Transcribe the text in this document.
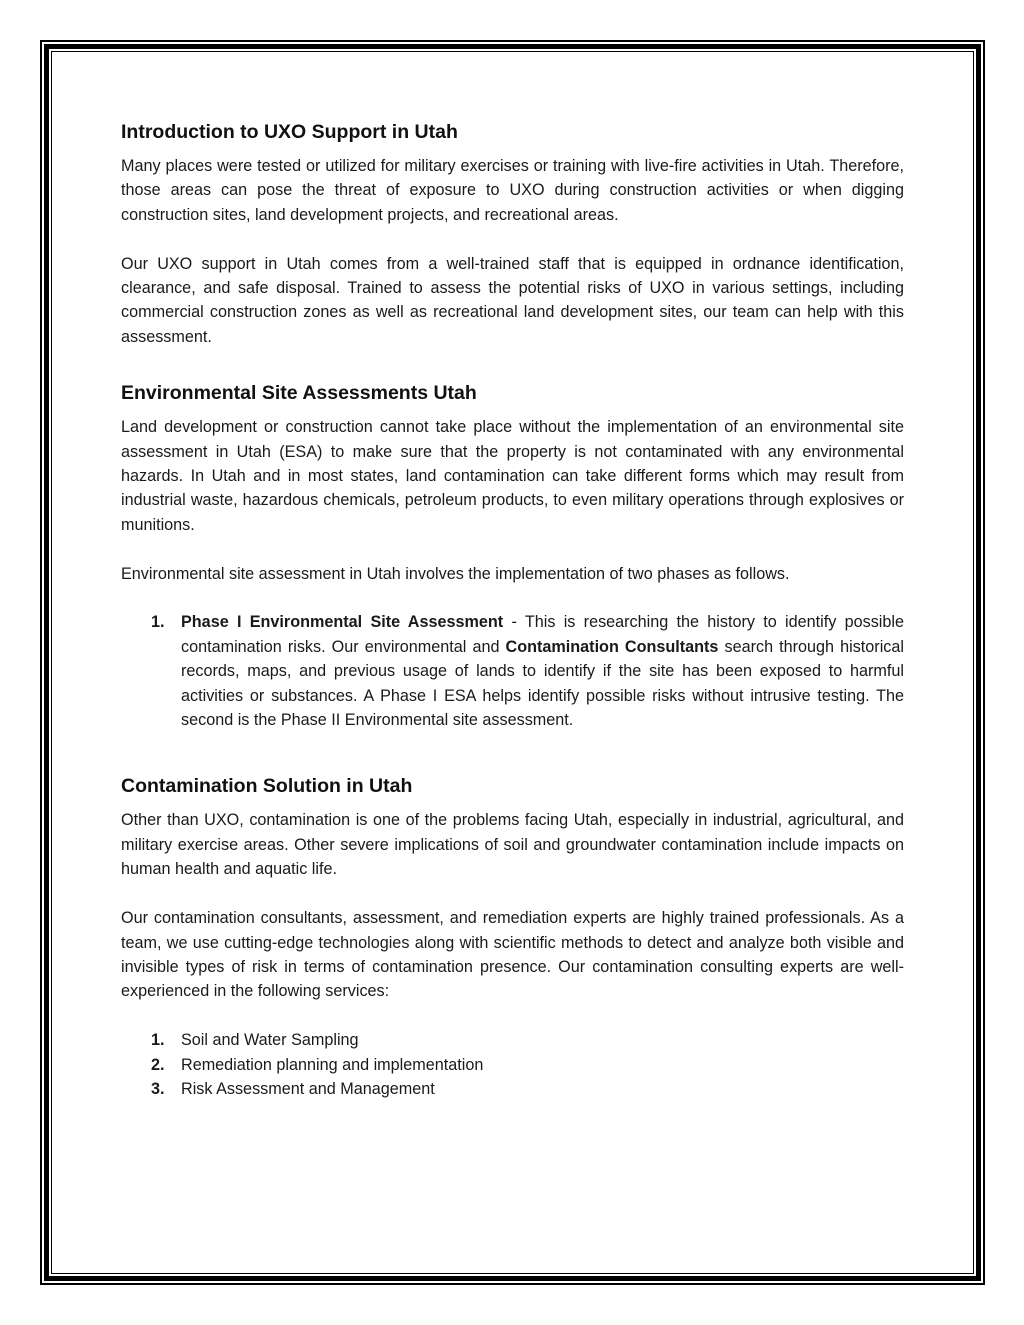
Introduction to UXO Support in Utah

Many places were tested or utilized for military exercises or training with live-fire activities in Utah. Therefore, those areas can pose the threat of exposure to UXO during construction activities or when digging construction sites, land development projects, and recreational areas.

Our UXO support in Utah comes from a well-trained staff that is equipped in ordnance identification, clearance, and safe disposal. Trained to assess the potential risks of UXO in various settings, including commercial construction zones as well as recreational land development sites, our team can help with this assessment.

Environmental Site Assessments Utah

Land development or construction cannot take place without the implementation of an environmental site assessment in Utah (ESA) to make sure that the property is not contaminated with any environmental hazards. In Utah and in most states, land contamination can take different forms which may result from industrial waste, hazardous chemicals, petroleum products, to even military operations through explosives or munitions.

Environmental site assessment in Utah involves the implementation of two phases as follows.

1. Phase I Environmental Site Assessment - This is researching the history to identify possible contamination risks. Our environmental and Contamination Consultants search through historical records, maps, and previous usage of lands to identify if the site has been exposed to harmful activities or substances. A Phase I ESA helps identify possible risks without intrusive testing. The second is the Phase II Environmental site assessment.
Contamination Solution in Utah

Other than UXO, contamination is one of the problems facing Utah, especially in industrial, agricultural, and military exercise areas. Other severe implications of soil and groundwater contamination include impacts on human health and aquatic life.

Our contamination consultants, assessment, and remediation experts are highly trained professionals. As a team, we use cutting-edge technologies along with scientific methods to detect and analyze both visible and invisible types of risk in terms of contamination presence. Our contamination consulting experts are well-experienced in the following services:

1. Soil and Water Sampling
2. Remediation planning and implementation
3. Risk Assessment and Management
